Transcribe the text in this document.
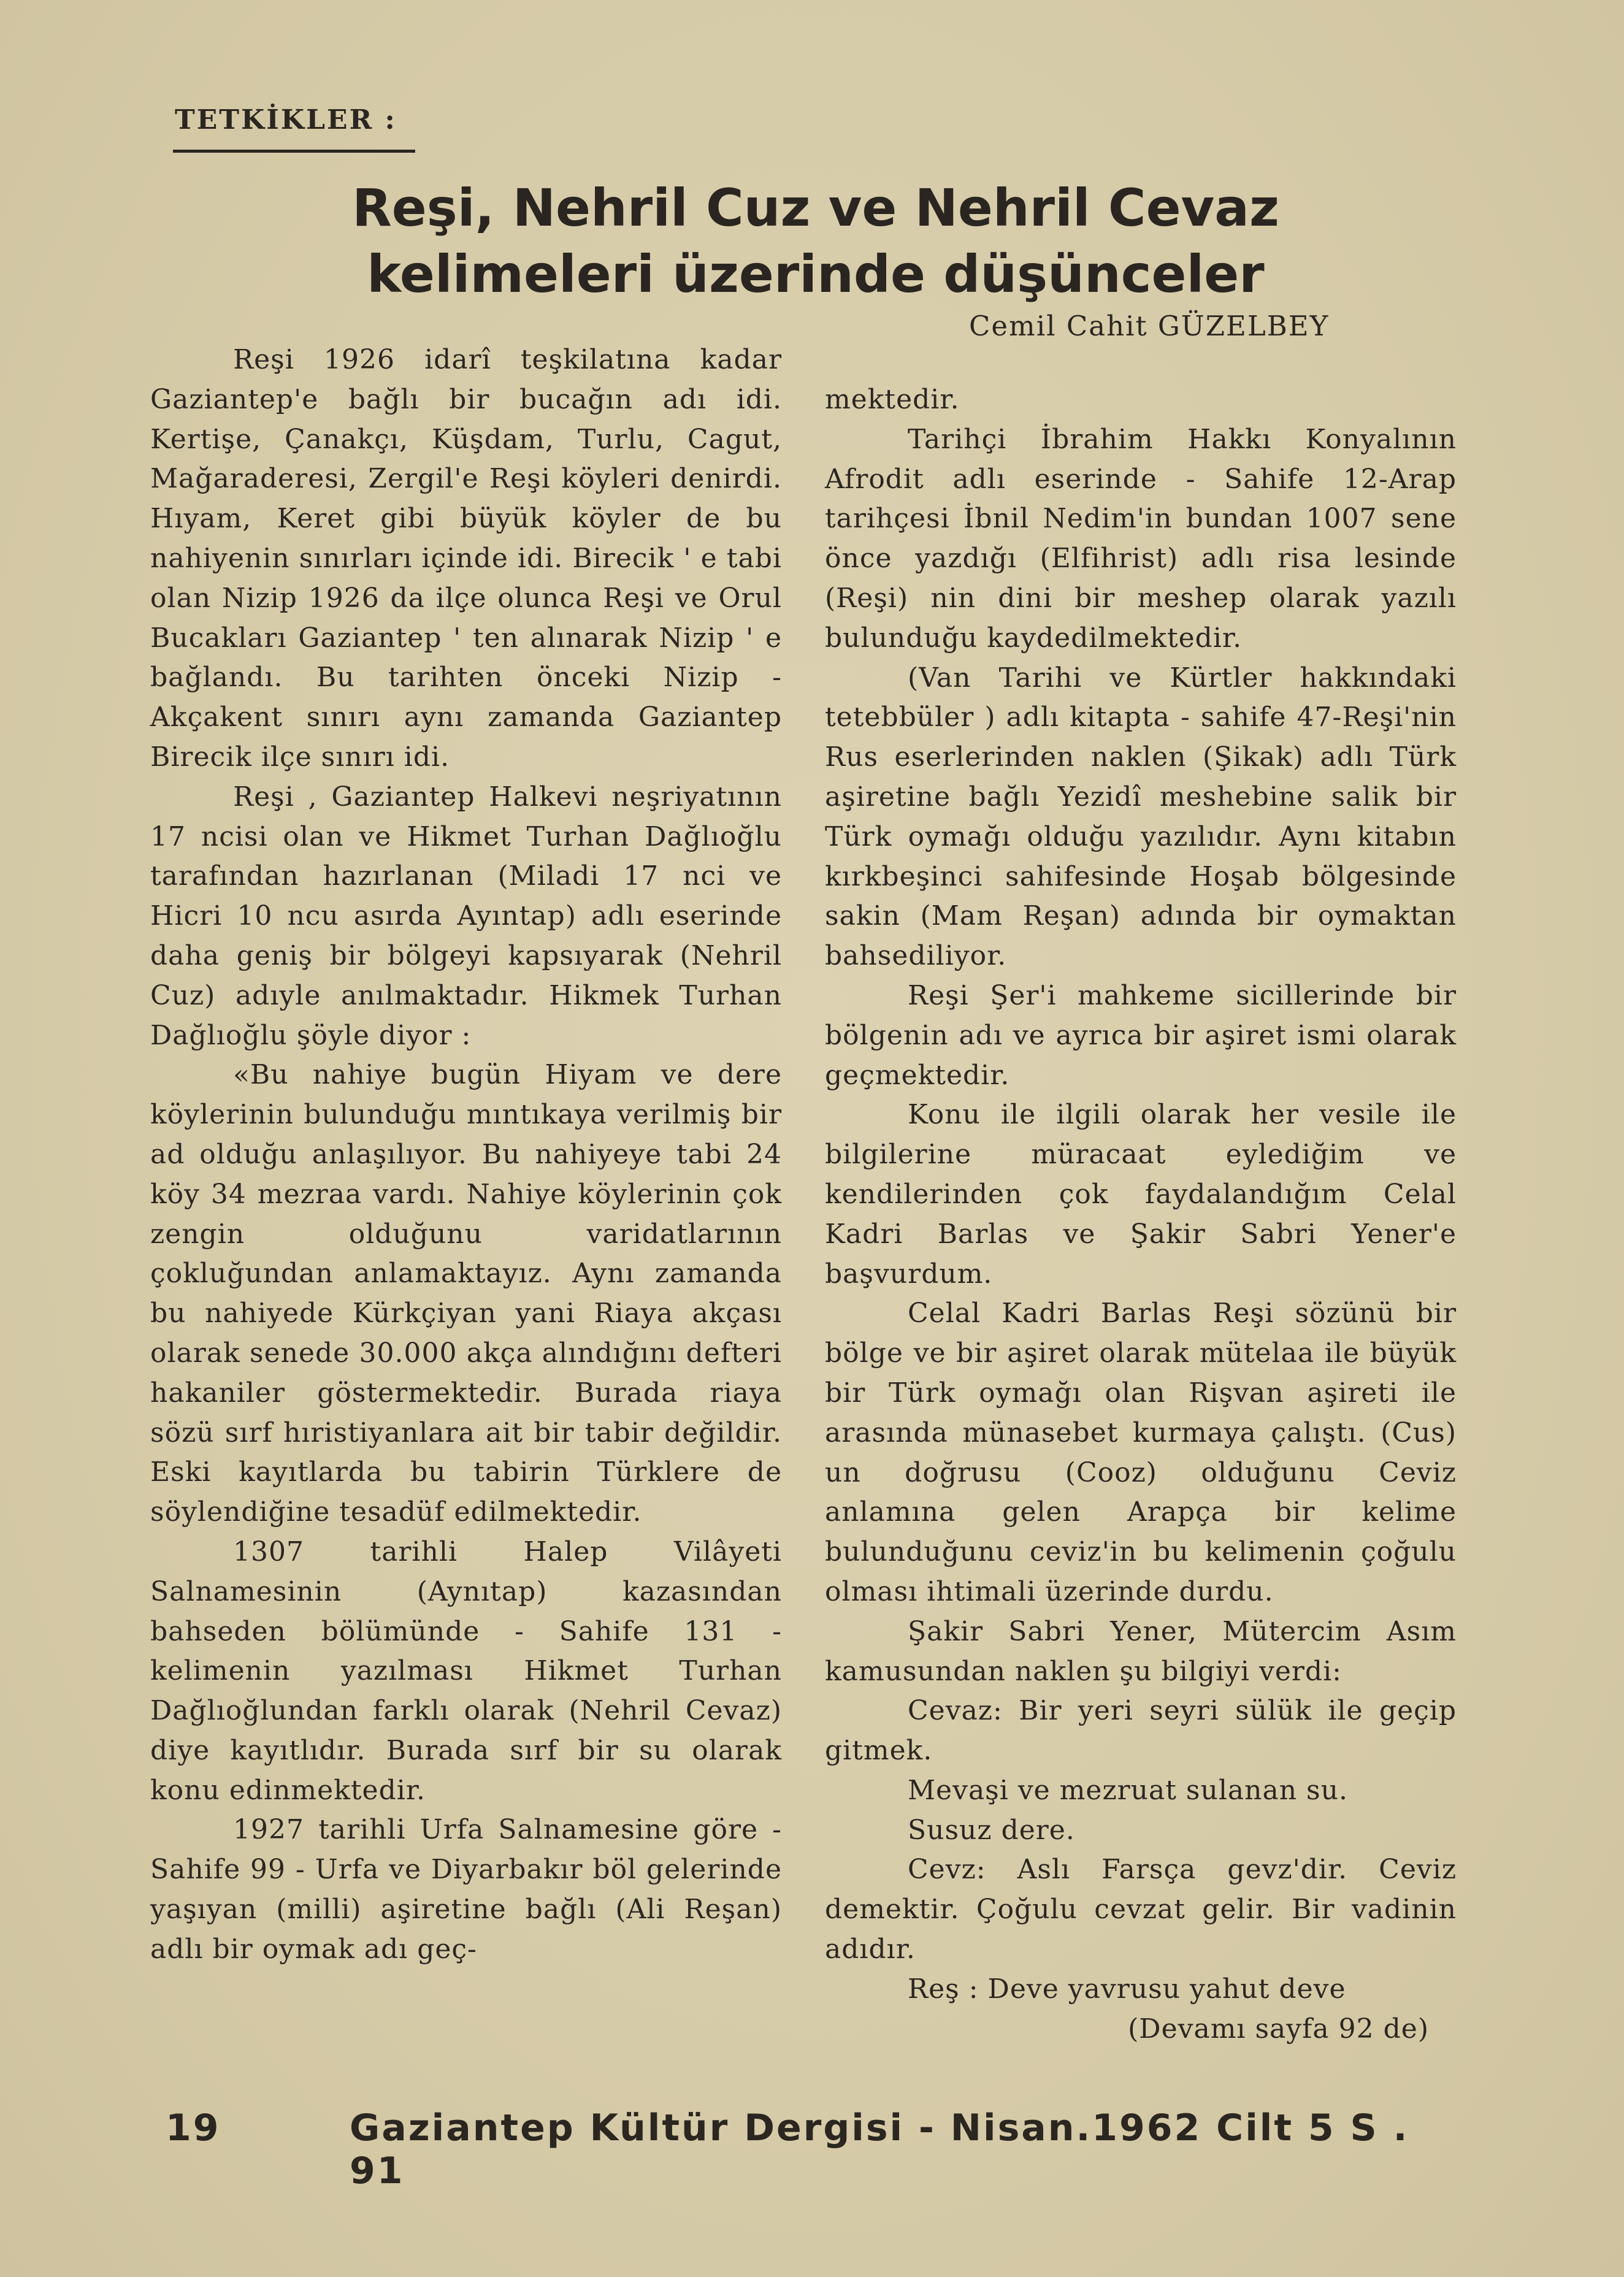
TETKİKLER :
Reşi, Nehril Cuz ve Nehril Cevaz
kelimeleri üzerinde düşünceler
Cemil Cahit GÜZELBEY

Reşi 1926 idarî teşkilatına kadar Gaziantep'e bağlı bir bucağın adı idi. Kertişe, Çanakçı, Küşdam, Turlu, Cagut, Mağaraderesi, Zergil'e Reşi köyleri denirdi. Hıyam, Keret gibi büyük köyler de bu nahiyenin sınırları içinde idi. Birecik ' e tabi olan Nizip 1926 da ilçe olunca Reşi ve Orul Bucakları Gaziantep ' ten alınarak Nizip ' e bağlandı. Bu tarihten önceki Nizip - Akçakent sınırı aynı zamanda Gaziantep Birecik ilçe sınırı idi.

Reşi , Gaziantep Halkevi neşriyatının 17 ncisi olan ve Hikmet Turhan Dağlıoğlu tarafından hazırlanan (Miladi 17 nci ve Hicri 10 ncu asırda Ayıntap) adlı eserinde daha geniş bir bölgeyi kapsıyarak (Nehril Cuz) adıyle anılmaktadır. Hikmek Turhan Dağlıoğlu şöyle diyor :

«Bu nahiye bugün Hiyam ve dere köylerinin bulunduğu mıntıkaya verilmiş bir ad olduğu anlaşılıyor. Bu nahiyeye tabi 24 köy 34 mezraa vardı. Nahiye köylerinin çok zengin olduğunu varidatlarının çokluğundan anlamaktayız. Aynı zamanda bu nahiyede Kürkçiyan yani Riaya akçası olarak senede 30.000 akça alındığını defteri hakaniler göstermektedir. Burada riaya sözü sırf hıristiyanlara ait bir tabir değildir. Eski kayıtlarda bu tabirin Türklere de söylendiğine tesadüf edilmektedir.

1307 tarihli Halep Vilâyeti Salnamesinin (Aynıtap) kazasından bahseden bölümünde - Sahife 131 - kelimenin yazılması Hikmet Turhan Dağlıoğlundan farklı olarak (Nehril Cevaz) diye kayıtlıdır. Burada sırf bir su olarak konu edinmektedir.

1927 tarihli Urfa Salnamesine göre - Sahife 99 - Urfa ve Diyarbakır böl gelerinde yaşıyan (milli) aşiretine bağlı (Ali Reşan) adlı bir oymak adı geç-

mektedir.

Tarihçi İbrahim Hakkı Konyalının Afrodit adlı eserinde - Sahife 12-Arap tarihçesi İbnil Nedim'in bundan 1007 sene önce yazdığı (Elfihrist) adlı risa lesinde (Reşi) nin dini bir meshep olarak yazılı bulunduğu kaydedilmektedir.

(Van Tarihi ve Kürtler hakkındaki tetebbüler ) adlı kitapta - sahife 47-Reşi'nin Rus eserlerinden naklen (Şikak) adlı Türk aşiretine bağlı Yezidî meshebine salik bir Türk oymağı olduğu yazılıdır. Aynı kitabın kırkbeşinci sahifesinde Hoşab bölgesinde sakin (Mam Reşan) adında bir oymaktan bahsediliyor.

Reşi Şer'i mahkeme sicillerinde bir bölgenin adı ve ayrıca bir aşiret ismi olarak geçmektedir.

Konu ile ilgili olarak her vesile ile bilgilerine müracaat eylediğim ve kendilerinden çok faydalandığım Celal Kadri Barlas ve Şakir Sabri Yener'e başvurdum.

Celal Kadri Barlas Reşi sözünü bir bölge ve bir aşiret olarak mütelaa ile büyük bir Türk oymağı olan Rişvan aşireti ile arasında münasebet kurmaya çalıştı. (Cus) un doğrusu (Cooz) olduğunu Ceviz anlamına gelen Arapça bir kelime bulunduğunu ceviz'in bu kelimenin çoğulu olması ihtimali üzerinde durdu.

Şakir Sabri Yener, Mütercim Asım kamusundan naklen şu bilgiyi verdi:

Cevaz: Bir yeri seyri sülük ile geçip gitmek.

Mevaşi ve mezruat sulanan su.

Susuz dere.

Cevz: Aslı Farsça gevz'dir. Ceviz demektir. Çoğulu cevzat gelir. Bir vadinin adıdır.

Reş : Deve yavrusu yahut deve

(Devamı sayfa 92 de)

19	Gaziantep Kültür Dergisi - Nisan.1962 Cilt 5 S . 91
